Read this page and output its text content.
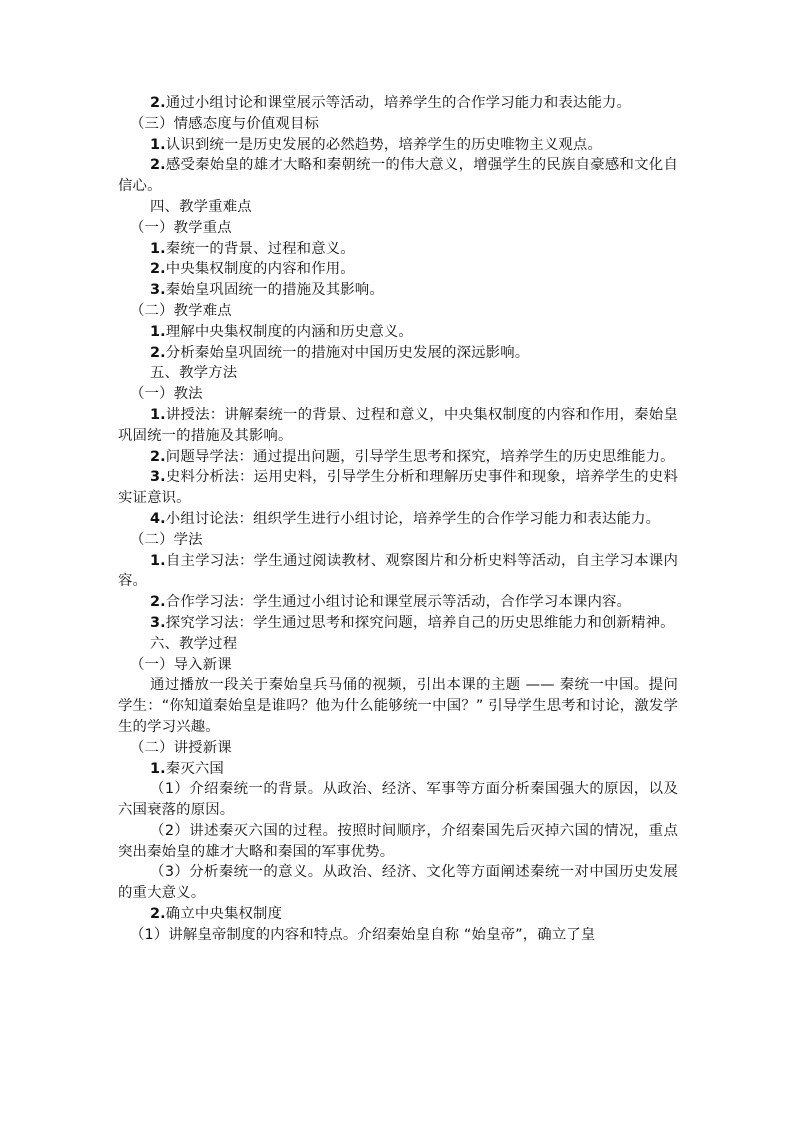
2.通过小组讨论和课堂展示等活动，培养学生的合作学习能力和表达能力。

（三）情感态度与价值观目标

1.认识到统一是历史发展的必然趋势，培养学生的历史唯物主义观点。

2.感受秦始皇的雄才大略和秦朝统一的伟大意义，增强学生的民族自豪感和文化自信心。

四、教学重难点

（一）教学重点

1.秦统一的背景、过程和意义。

2.中央集权制度的内容和作用。

3.秦始皇巩固统一的措施及其影响。

（二）教学难点

1.理解中央集权制度的内涵和历史意义。

2.分析秦始皇巩固统一的措施对中国历史发展的深远影响。

五、教学方法

（一）教法

1.讲授法：讲解秦统一的背景、过程和意义，中央集权制度的内容和作用，秦始皇巩固统一的措施及其影响。

2.问题导学法：通过提出问题，引导学生思考和探究，培养学生的历史思维能力。

3.史料分析法：运用史料，引导学生分析和理解历史事件和现象，培养学生的史料实证意识。

4.小组讨论法：组织学生进行小组讨论，培养学生的合作学习能力和表达能力。

（二）学法

1.自主学习法：学生通过阅读教材、观察图片和分析史料等活动，自主学习本课内容。

2.合作学习法：学生通过小组讨论和课堂展示等活动，合作学习本课内容。

3.探究学习法：学生通过思考和探究问题，培养自己的历史思维能力和创新精神。

六、教学过程

（一）导入新课

通过播放一段关于秦始皇兵马俑的视频，引出本课的主题 —— 秦统一中国。提问学生：“你知道秦始皇是谁吗？他为什么能够统一中国？” 引导学生思考和讨论，激发学生的学习兴趣。

（二）讲授新课

1.秦灭六国

（1）介绍秦统一的背景。从政治、经济、军事等方面分析秦国强大的原因，以及六国衰落的原因。

（2）讲述秦灭六国的过程。按照时间顺序，介绍秦国先后灭掉六国的情况，重点突出秦始皇的雄才大略和秦国的军事优势。

（3）分析秦统一的意义。从政治、经济、文化等方面阐述秦统一对中国历史发展的重大意义。

2.确立中央集权制度

（1）讲解皇帝制度的内容和特点。介绍秦始皇自称 “始皇帝”，确立了皇
